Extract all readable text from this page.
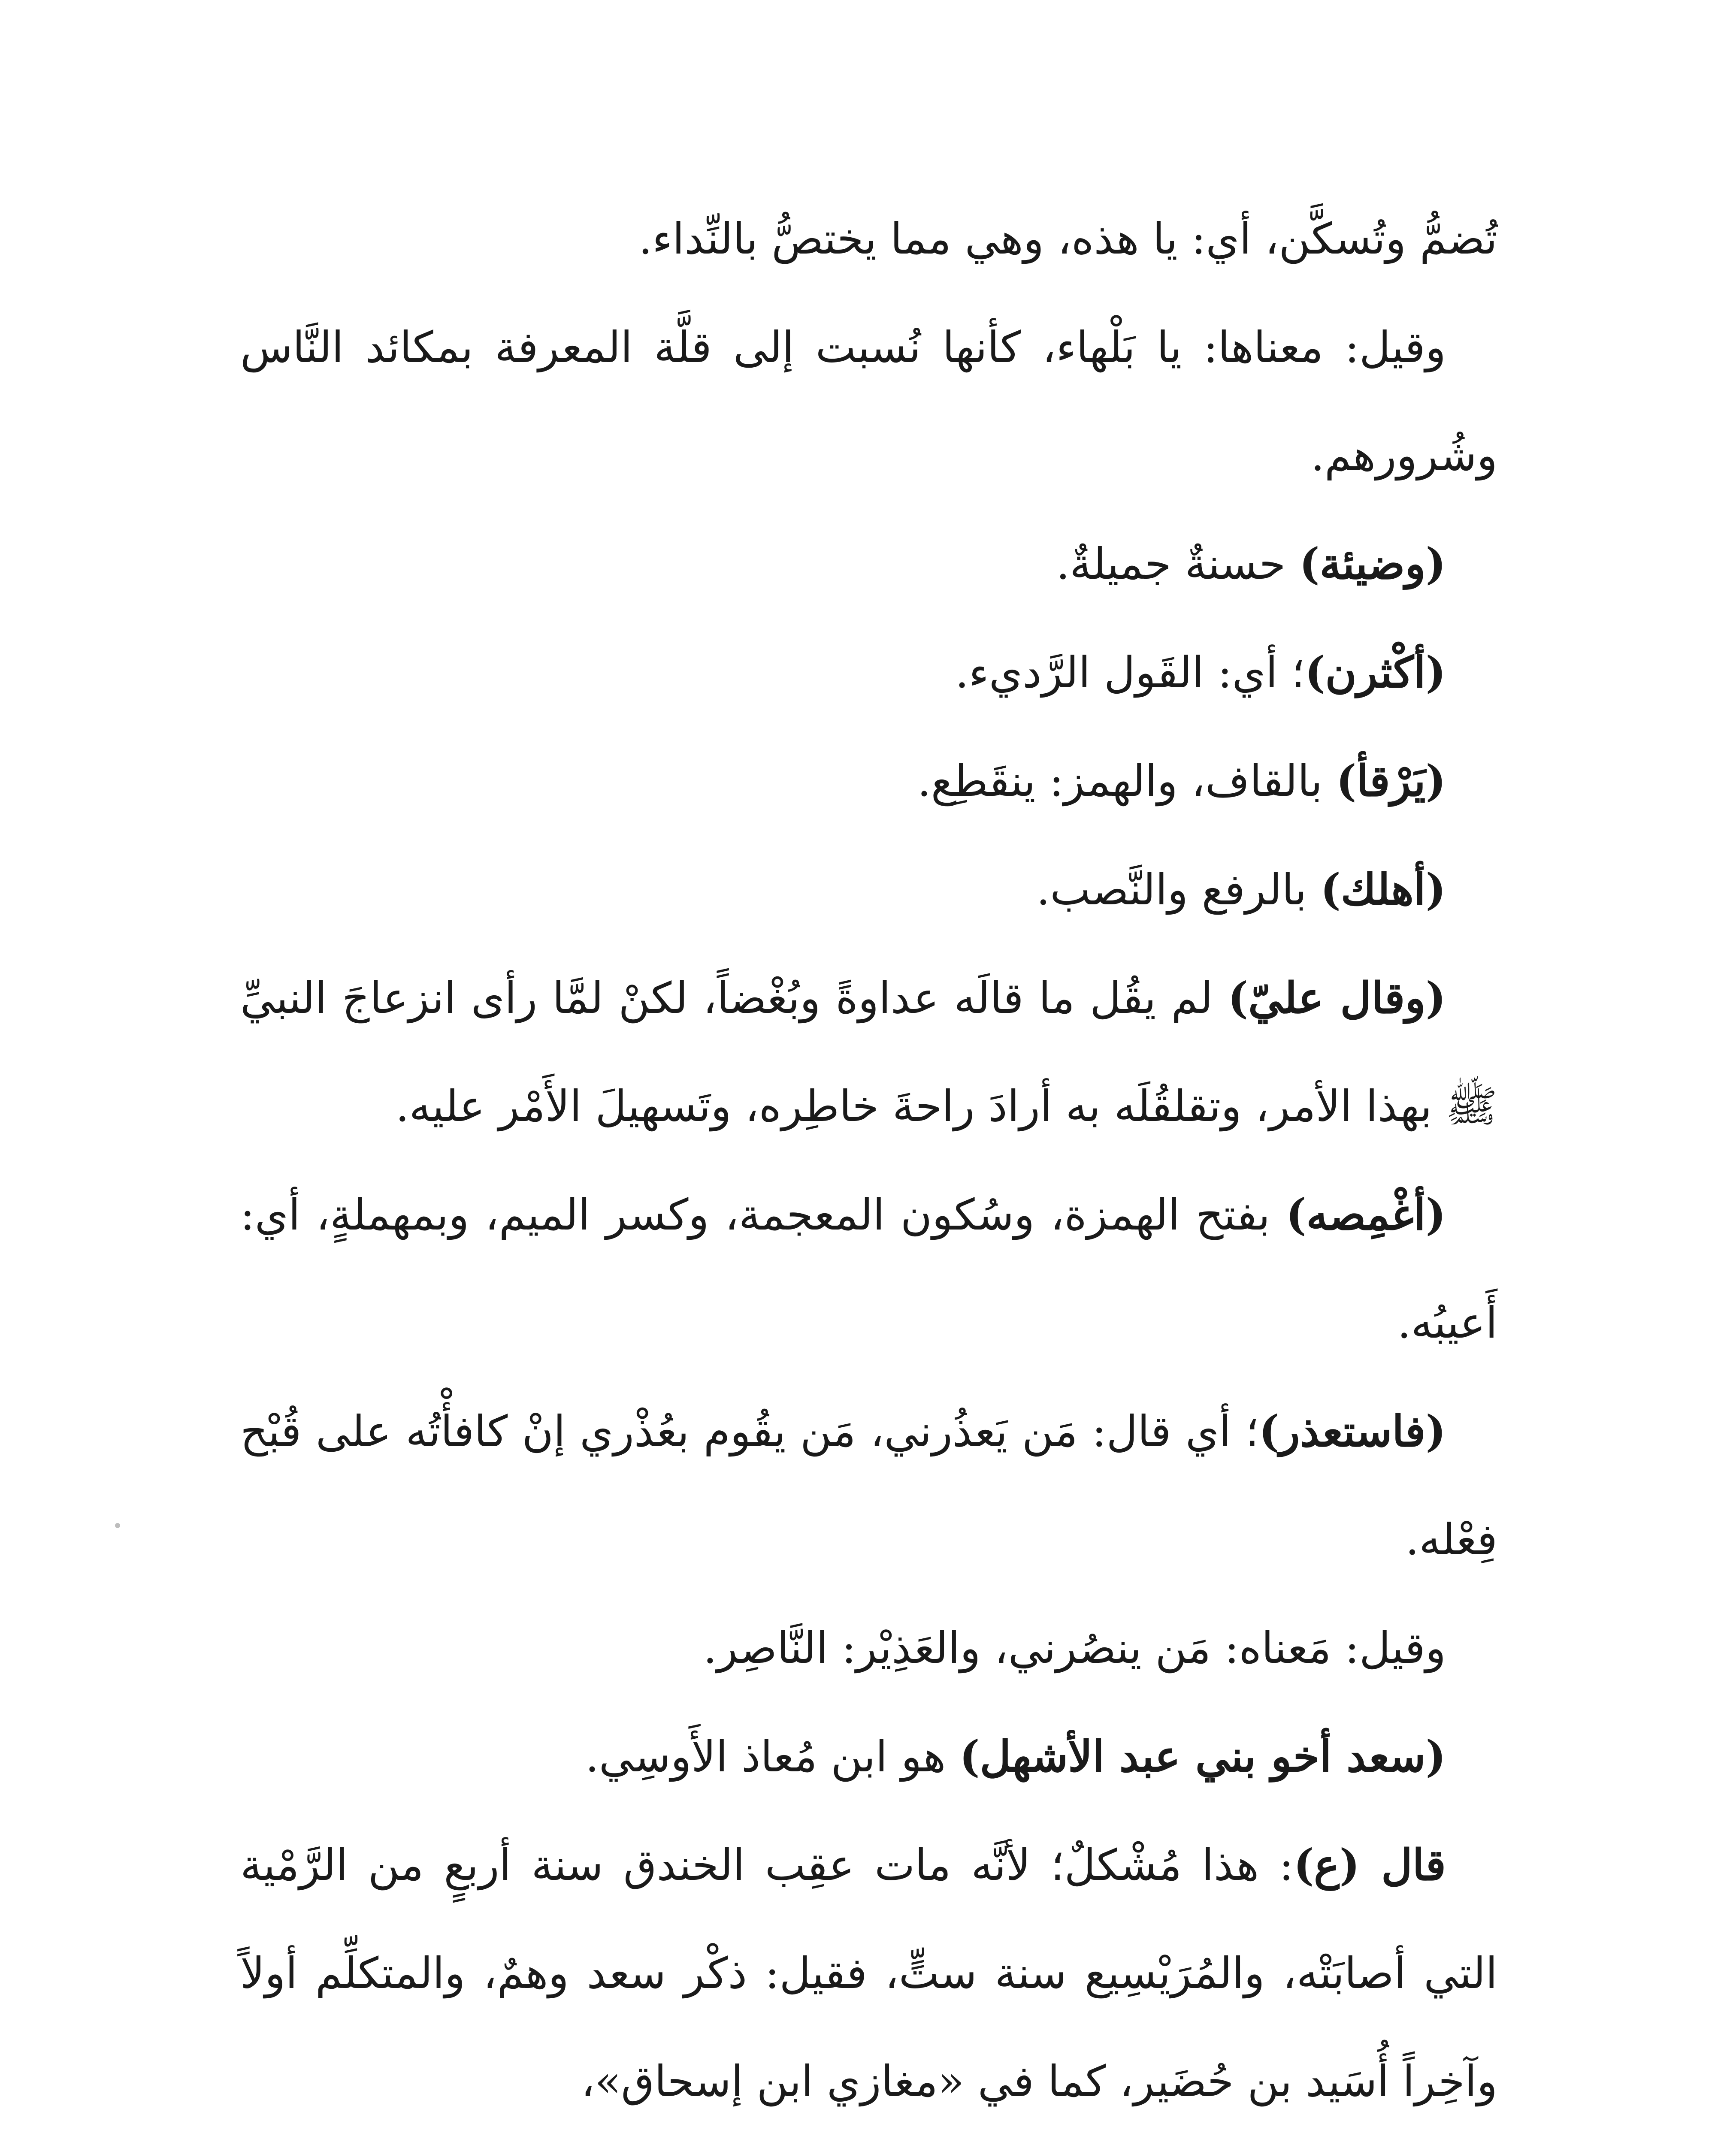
تُضمُّ وتُسكَّن، أي: يا هذه، وهي مما يختصُّ بالنِّداء.

وقيل: معناها: يا بَلْهاء، كأنها نُسبت إلى قلَّة المعرفة بمكائد النَّاس وشُرورهم.

(وضيئة) حسنةٌ جميلةٌ.

(أكْثرن)؛ أي: القَول الرَّديء.

(يَرْقأ) بالقاف، والهمز: ينقَطِع.

(أهلك) بالرفع والنَّصب.

(وقال عليّ) لم يقُل ما قالَه عداوةً وبُغْضاً، لكنْ لمَّا رأى انزعاجَ النبيِّ ﷺ بهذا الأمر، وتقلقُلَه به أرادَ راحةَ خاطِره، وتَسهيلَ الأَمْر عليه.

(أغْمِصه) بفتح الهمزة، وسُكون المعجمة، وكسر الميم، وبمهملةٍ، أي: أَعيبُه.

(فاستعذر)؛ أي قال: مَن يَعذُرني، مَن يقُوم بعُذْري إنْ كافأْتُه على قُبْح فِعْله.

وقيل: مَعناه: مَن ينصُرني، والعَذِيْر: النَّاصِر.

(سعد أخو بني عبد الأشهل) هو ابن مُعاذ الأَوسِي.

قال (ع): هذا مُشْكلٌ؛ لأنَّه مات عقِب الخندق سنة أربعٍ من الرَّمْية التي أصابَتْه، والمُرَيْسِيع سنة ستٍّ، فقيل: ذكْر سعد وهمٌ، والمتكلِّم أولاً وآخِراً أُسَيد بن حُضَير، كما في «مغازي ابن إسحاق»،
